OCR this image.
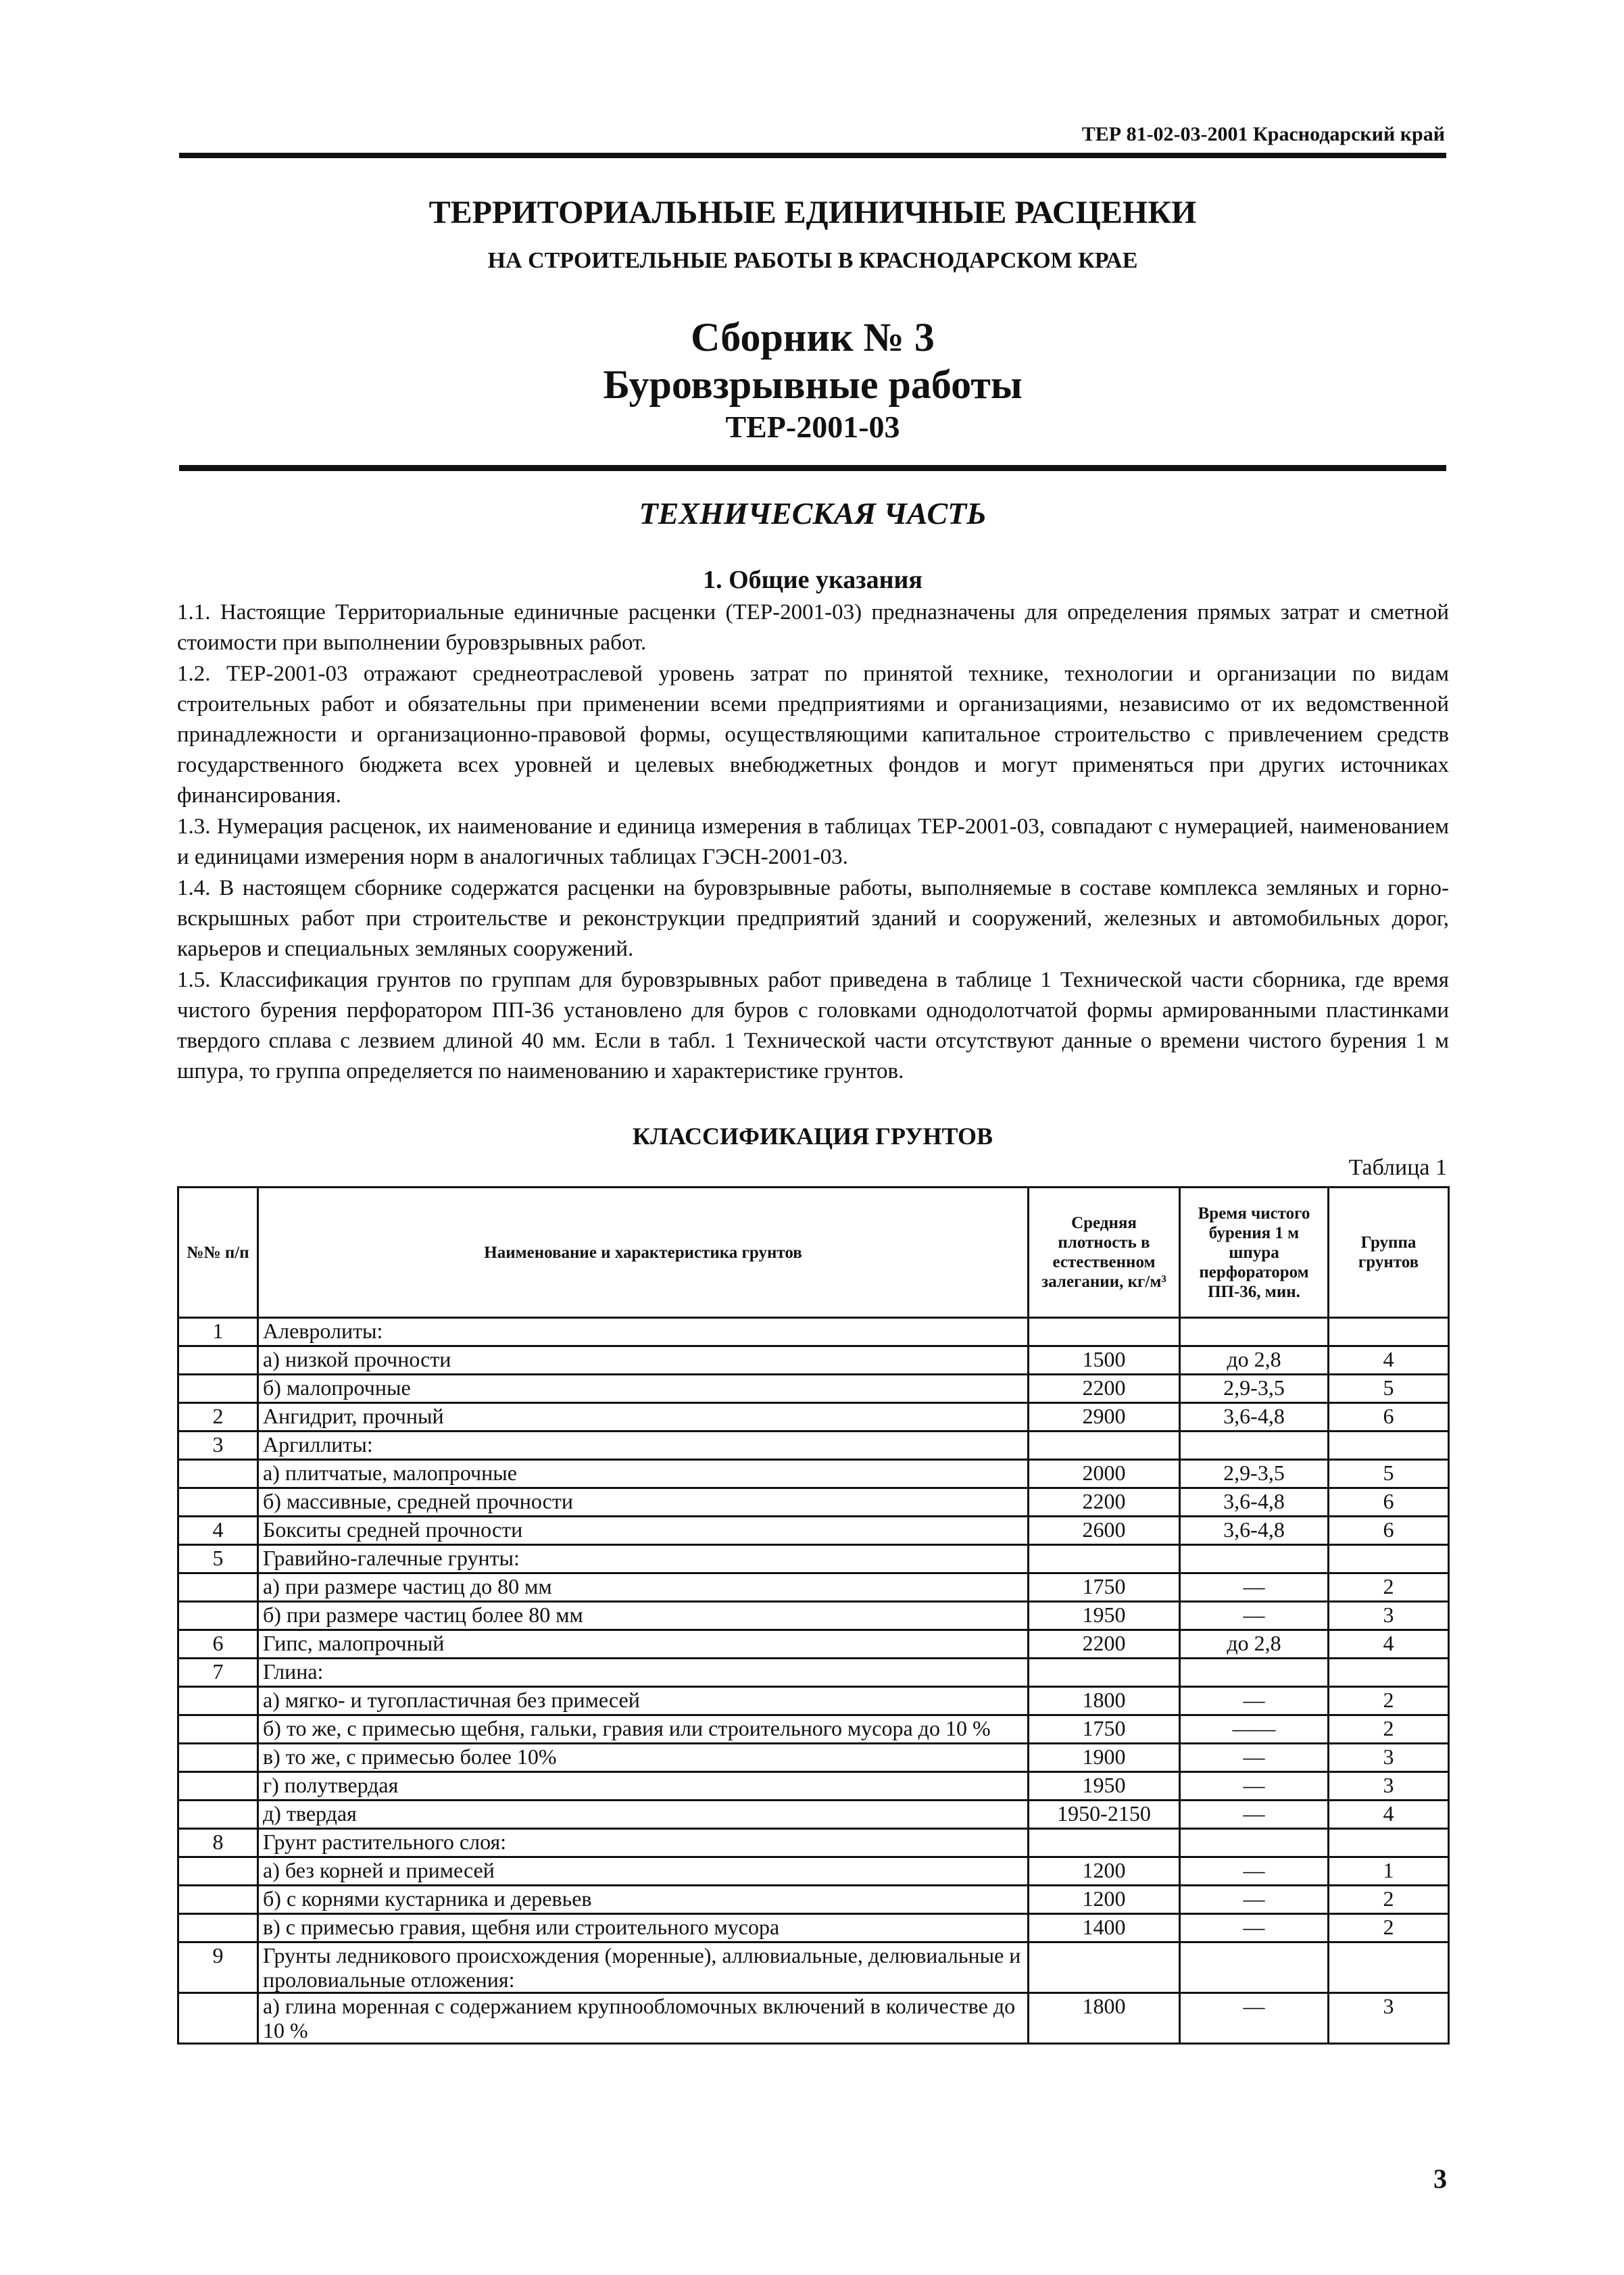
ТЕР 81-02-03-2001 Краснодарский край
ТЕРРИТОРИАЛЬНЫЕ ЕДИНИЧНЫЕ РАСЦЕНКИ
НА СТРОИТЕЛЬНЫЕ РАБОТЫ В КРАСНОДАРСКОМ КРАЕ
Сборник № 3
Буровзрывные работы
ТЕР-2001-03
ТЕХНИЧЕСКАЯ ЧАСТЬ
1. Общие указания

1.1. Настоящие Территориальные единичные расценки (ТЕР-2001-03) предназначены для определения прямых затрат и сметной стоимости при выполнении буровзрывных работ.

1.2. ТЕР-2001-03 отражают среднеотраслевой уровень затрат по принятой технике, технологии и организации по видам строительных работ и обязательны при применении всеми предприятиями и организациями, независимо от их ведомственной принадлежности и организационно-правовой формы, осуществляющими капитальное строительство с привлечением средств государственного бюджета всех уровней и целевых внебюджетных фондов и могут применяться при других источниках финансирования.

1.3. Нумерация расценок, их наименование и единица измерения в таблицах ТЕР-2001-03, совпадают с нумерацией, наименованием и единицами измерения норм в аналогичных таблицах ГЭСН-2001-03.

1.4. В настоящем сборнике содержатся расценки на буровзрывные работы, выполняемые в составе комплекса земляных и горно-вскрышных работ при строительстве и реконструкции предприятий зданий и сооружений, железных и автомобильных дорог, карьеров и специальных земляных сооружений.

1.5. Классификация грунтов по группам для буровзрывных работ приведена в таблице 1 Технической части сборника, где время чистого бурения перфоратором ПП-36 установлено для буров с головками однодолотчатой формы армированными пластинками твердого сплава с лезвием длиной 40 мм. Если в табл. 1 Технической части отсутствуют данные о времени чистого бурения 1 м шпура, то группа определяется по наименованию и характеристике грунтов.

КЛАССИФИКАЦИЯ ГРУНТОВ
Таблица 1
№№ п/п	Наименование и характеристика грунтов	Средняя плотность в естественном залегании, кг/м³	Время чистого бурения 1 м шпура перфоратором ПП-36, мин.	Группа грунтов
1	Алевролиты:			
	а) низкой прочности	1500	до 2,8	4
	б) малопрочные	2200	2,9-3,5	5
2	Ангидрит, прочный	2900	3,6-4,8	6
3	Аргиллиты:			
	а) плитчатые, малопрочные	2000	2,9-3,5	5
	б) массивные, средней прочности	2200	3,6-4,8	6
4	Бокситы средней прочности	2600	3,6-4,8	6
5	Гравийно-галечные грунты:			
	а) при размере частиц до 80 мм	1750	—	2
	б) при размере частиц более 80 мм	1950	—	3
6	Гипс, малопрочный	2200	до 2,8	4
7	Глина:			
	а) мягко- и тугопластичная без примесей	1800	—	2
	б) то же, с примесью щебня, гальки, гравия или строительного мусора до 10 %	1750	——	2
	в) то же, с примесью более 10%	1900	—	3
	г) полутвердая	1950	—	3
	д) твердая	1950-2150	—	4
8	Грунт растительного слоя:			
	а) без корней и примесей	1200	—	1
	б) с корнями кустарника и деревьев	1200	—	2
	в) с примесью гравия, щебня или строительного мусора	1400	—	2
9	Грунты ледникового происхождения (моренные), аллювиальные, делювиальные и проловиальные отложения:			
	а) глина моренная с содержанием крупнообломочных включений в количестве до 10 %	1800	—	3
3
